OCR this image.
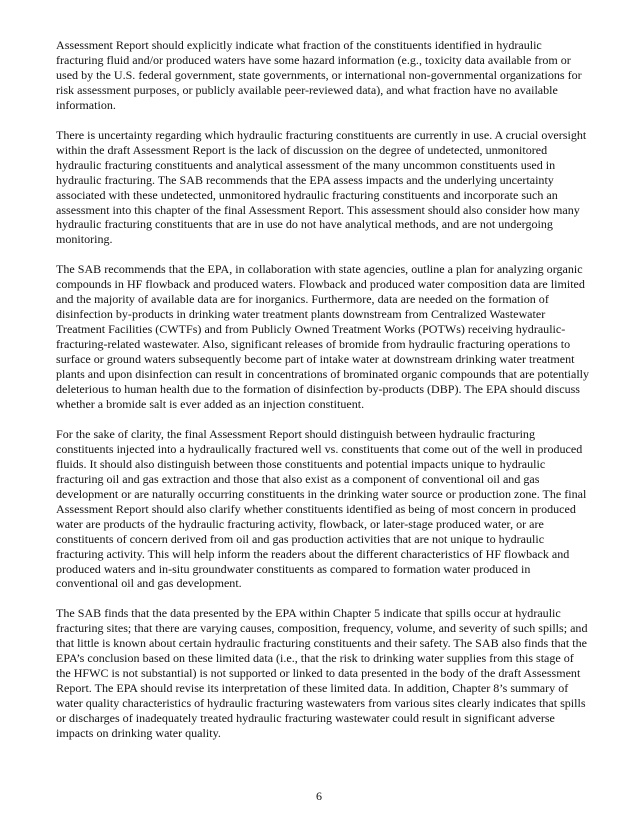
Assessment Report should explicitly indicate what fraction of the constituents identified in hydraulic fracturing fluid and/or produced waters have some hazard information (e.g., toxicity data available from or used by the U.S. federal government, state governments, or international non-governmental organizations for risk assessment purposes, or publicly available peer-reviewed data), and what fraction have no available information.

There is uncertainty regarding which hydraulic fracturing constituents are currently in use. A crucial oversight within the draft Assessment Report is the lack of discussion on the degree of undetected, unmonitored hydraulic fracturing constituents and analytical assessment of the many uncommon constituents used in hydraulic fracturing. The SAB recommends that the EPA assess impacts and the underlying uncertainty associated with these undetected, unmonitored hydraulic fracturing constituents and incorporate such an assessment into this chapter of the final Assessment Report. This assessment should also consider how many hydraulic fracturing constituents that are in use do not have analytical methods, and are not undergoing monitoring.

The SAB recommends that the EPA, in collaboration with state agencies, outline a plan for analyzing organic compounds in HF flowback and produced waters. Flowback and produced water composition data are limited and the majority of available data are for inorganics. Furthermore, data are needed on the formation of disinfection by-products in drinking water treatment plants downstream from Centralized Wastewater Treatment Facilities (CWTFs) and from Publicly Owned Treatment Works (POTWs) receiving hydraulic-fracturing-related wastewater. Also, significant releases of bromide from hydraulic fracturing operations to surface or ground waters subsequently become part of intake water at downstream drinking water treatment plants and upon disinfection can result in concentrations of brominated organic compounds that are potentially deleterious to human health due to the formation of disinfection by-products (DBP). The EPA should discuss whether a bromide salt is ever added as an injection constituent.

For the sake of clarity, the final Assessment Report should distinguish between hydraulic fracturing constituents injected into a hydraulically fractured well vs. constituents that come out of the well in produced fluids. It should also distinguish between those constituents and potential impacts unique to hydraulic fracturing oil and gas extraction and those that also exist as a component of conventional oil and gas development or are naturally occurring constituents in the drinking water source or production zone. The final Assessment Report should also clarify whether constituents identified as being of most concern in produced water are products of the hydraulic fracturing activity, flowback, or later-stage produced water, or are constituents of concern derived from oil and gas production activities that are not unique to hydraulic fracturing activity. This will help inform the readers about the different characteristics of HF flowback and produced waters and in-situ groundwater constituents as compared to formation water produced in conventional oil and gas development.

The SAB finds that the data presented by the EPA within Chapter 5 indicate that spills occur at hydraulic fracturing sites; that there are varying causes, composition, frequency, volume, and severity of such spills; and that little is known about certain hydraulic fracturing constituents and their safety. The SAB also finds that the EPA’s conclusion based on these limited data (i.e., that the risk to drinking water supplies from this stage of the HFWC is not substantial) is not supported or linked to data presented in the body of the draft Assessment Report. The EPA should revise its interpretation of these limited data. In addition, Chapter 8’s summary of water quality characteristics of hydraulic fracturing wastewaters from various sites clearly indicates that spills or discharges of inadequately treated hydraulic fracturing wastewater could result in significant adverse impacts on drinking water quality.

6
